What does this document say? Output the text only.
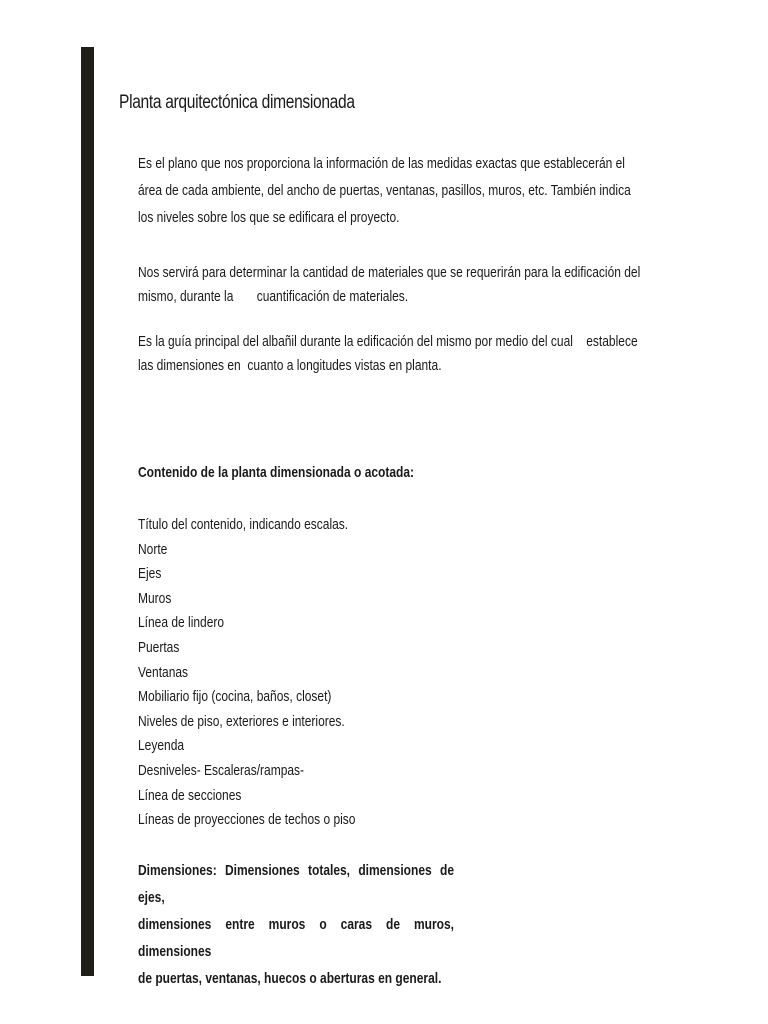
Planta arquitectónica dimensionada
Es el plano que nos proporciona la información de las medidas exactas que establecerán el
área de cada ambiente, del ancho de puertas, ventanas, pasillos, muros, etc. También indica
los niveles sobre los que se edificara el proyecto.
Nos servirá para determinar la cantidad de materiales que se requerirán para la edificación del
mismo, durante la       cuantificación de materiales.
Es la guía principal del albañil durante la edificación del mismo por medio del cual    establece
las dimensiones en  cuanto a longitudes vistas en planta.
Contenido de la planta dimensionada o acotada:
Título del contenido, indicando escalas.
Norte
Ejes
Muros
Línea de lindero
Puertas
Ventanas
Mobiliario fijo (cocina, baños, closet)
Niveles de piso, exteriores e interiores.
Leyenda
Desniveles- Escaleras/rampas-
Línea de secciones
Líneas de proyecciones de techos o piso
Dimensiones: Dimensiones totales, dimensiones de ejes,
dimensiones entre muros o caras de muros, dimensiones
de puertas, ventanas, huecos o aberturas en general.
